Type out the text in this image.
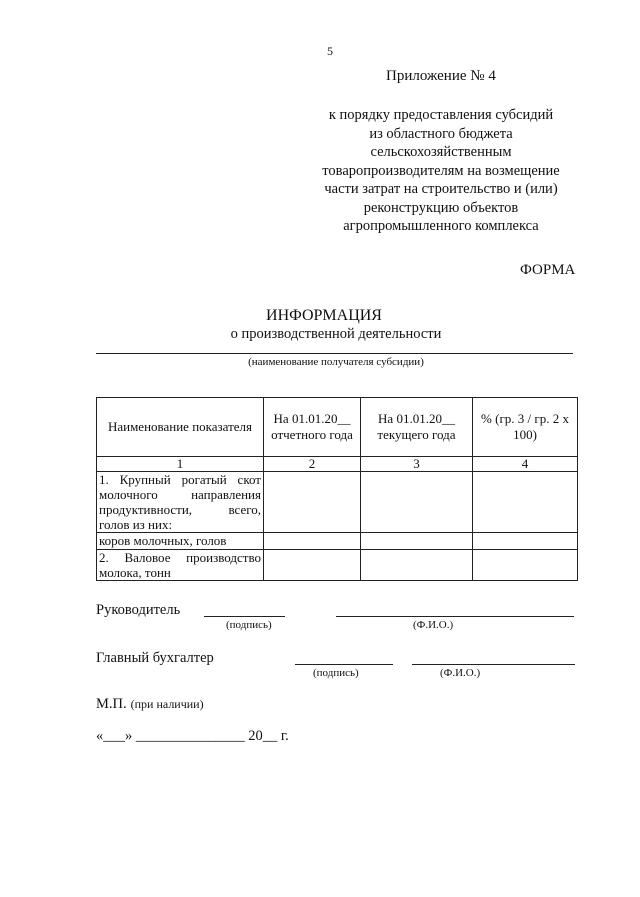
5
Приложение № 4
к порядку предоставления субсидий
из областного бюджета
сельскохозяйственным
товаропроизводителям на возмещение
части затрат на строительство и (или)
реконструкцию объектов
агропромышленного комплекса
ФОРМА
ИНФОРМАЦИЯ
о производственной деятельности
(наименование получателя субсидии)
Наименование показателя	На 01.01.20__ отчетного года	На 01.01.20__ текущего года	% (гр. 3 / гр. 2 х 100)
1	2	3	4
1. Крупный рогатый скот молочного направления продуктивности, всего, голов из них:			
коров молочных, голов			
2. Валовое производство молока, тонн			
Руководитель
(подпись)	(Ф.И.О.)
Главный бухгалтер
(подпись)	(Ф.И.О.)
М.П. (при наличии)
«___» _______________ 20__ г.
